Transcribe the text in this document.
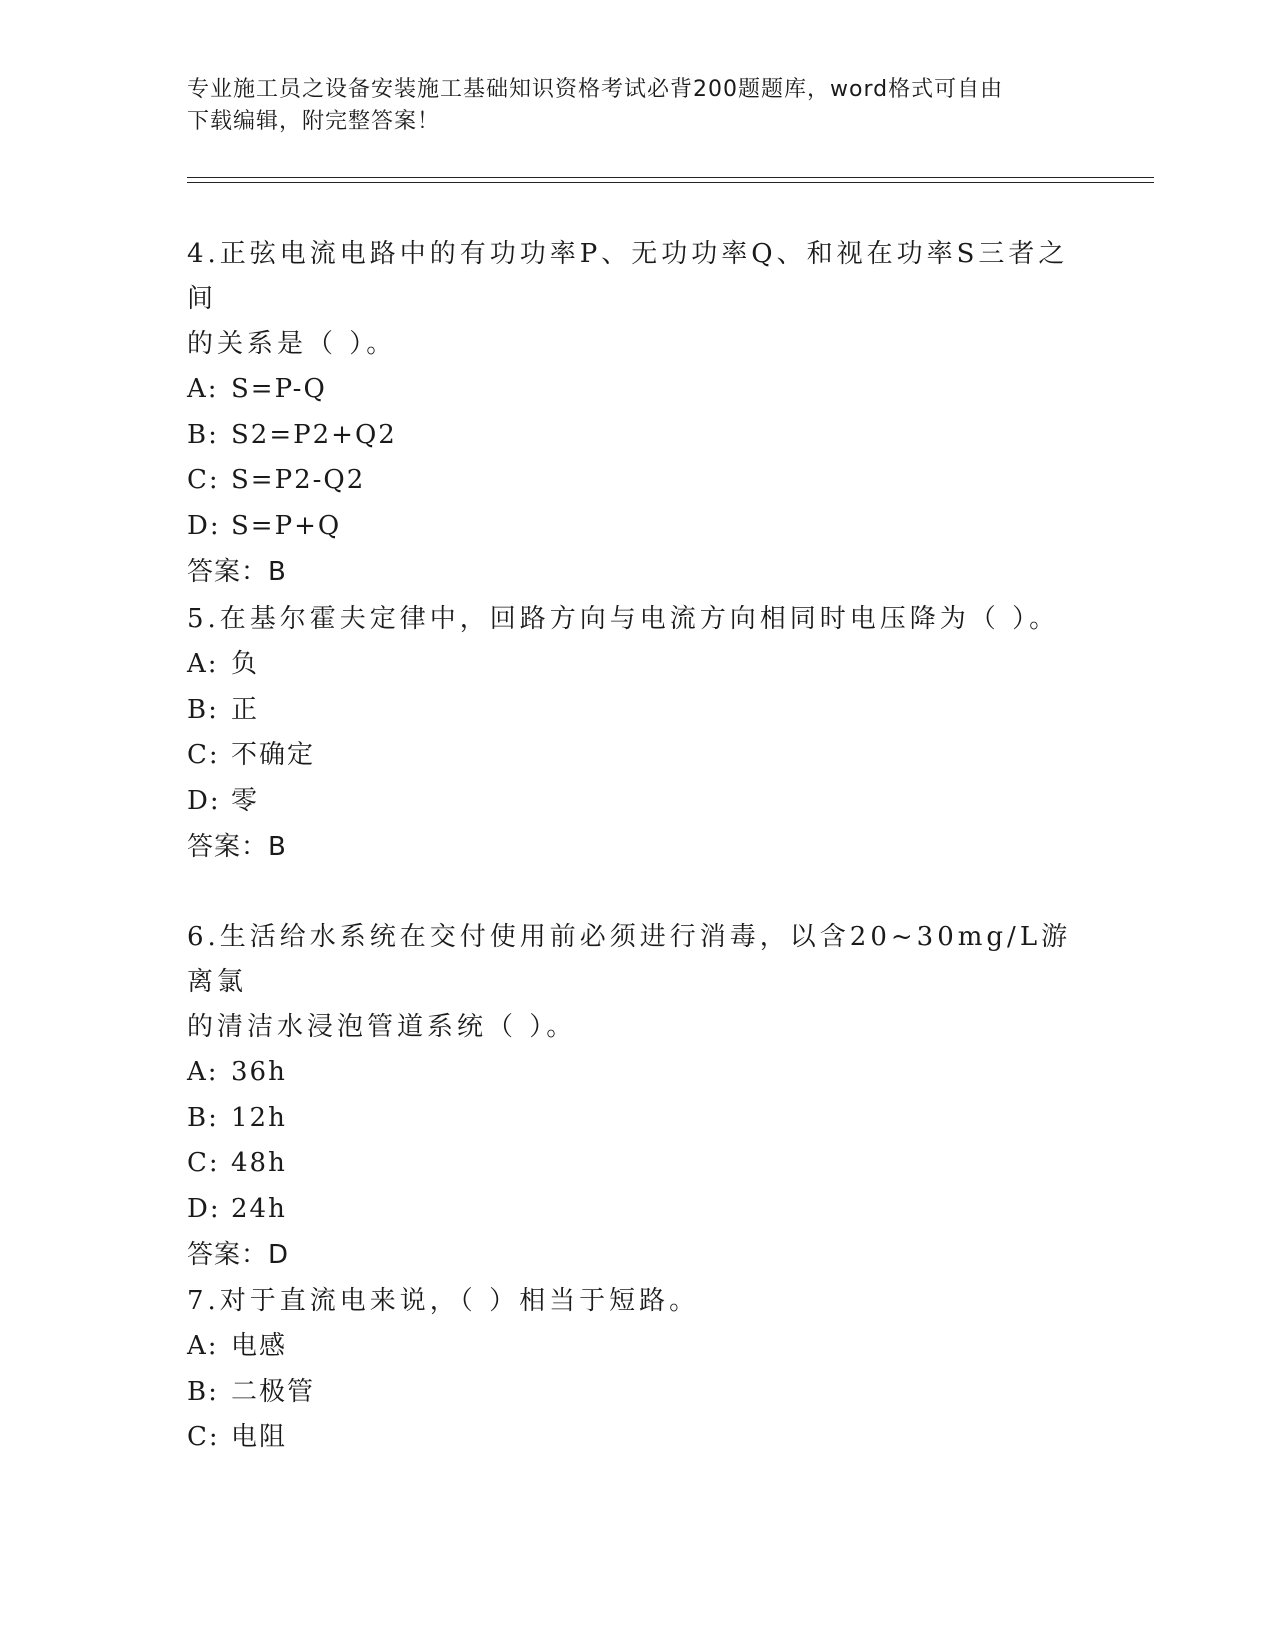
专业施工员之设备安装施工基础知识资格考试必背200题题库，word格式可自由
下载编辑，附完整答案！
4.正弦电流电路中的有功功率P、无功功率Q、和视在功率S三者之间
的关系是（ ）。
A: S=P-Q
B: S2=P2+Q2
C: S=P2-Q2
D: S=P+Q
答案：B
5.在基尔霍夫定律中，回路方向与电流方向相同时电压降为（ ）。
A: 负
B: 正
C: 不确定
D: 零
答案：B
6.生活给水系统在交付使用前必须进行消毒，以含20~30mg/L游离氯
的清洁水浸泡管道系统（ ）。
A: 36h
B: 12h
C: 48h
D: 24h
答案：D
7.对于直流电来说，（ ）相当于短路。
A: 电感
B: 二极管
C: 电阻
